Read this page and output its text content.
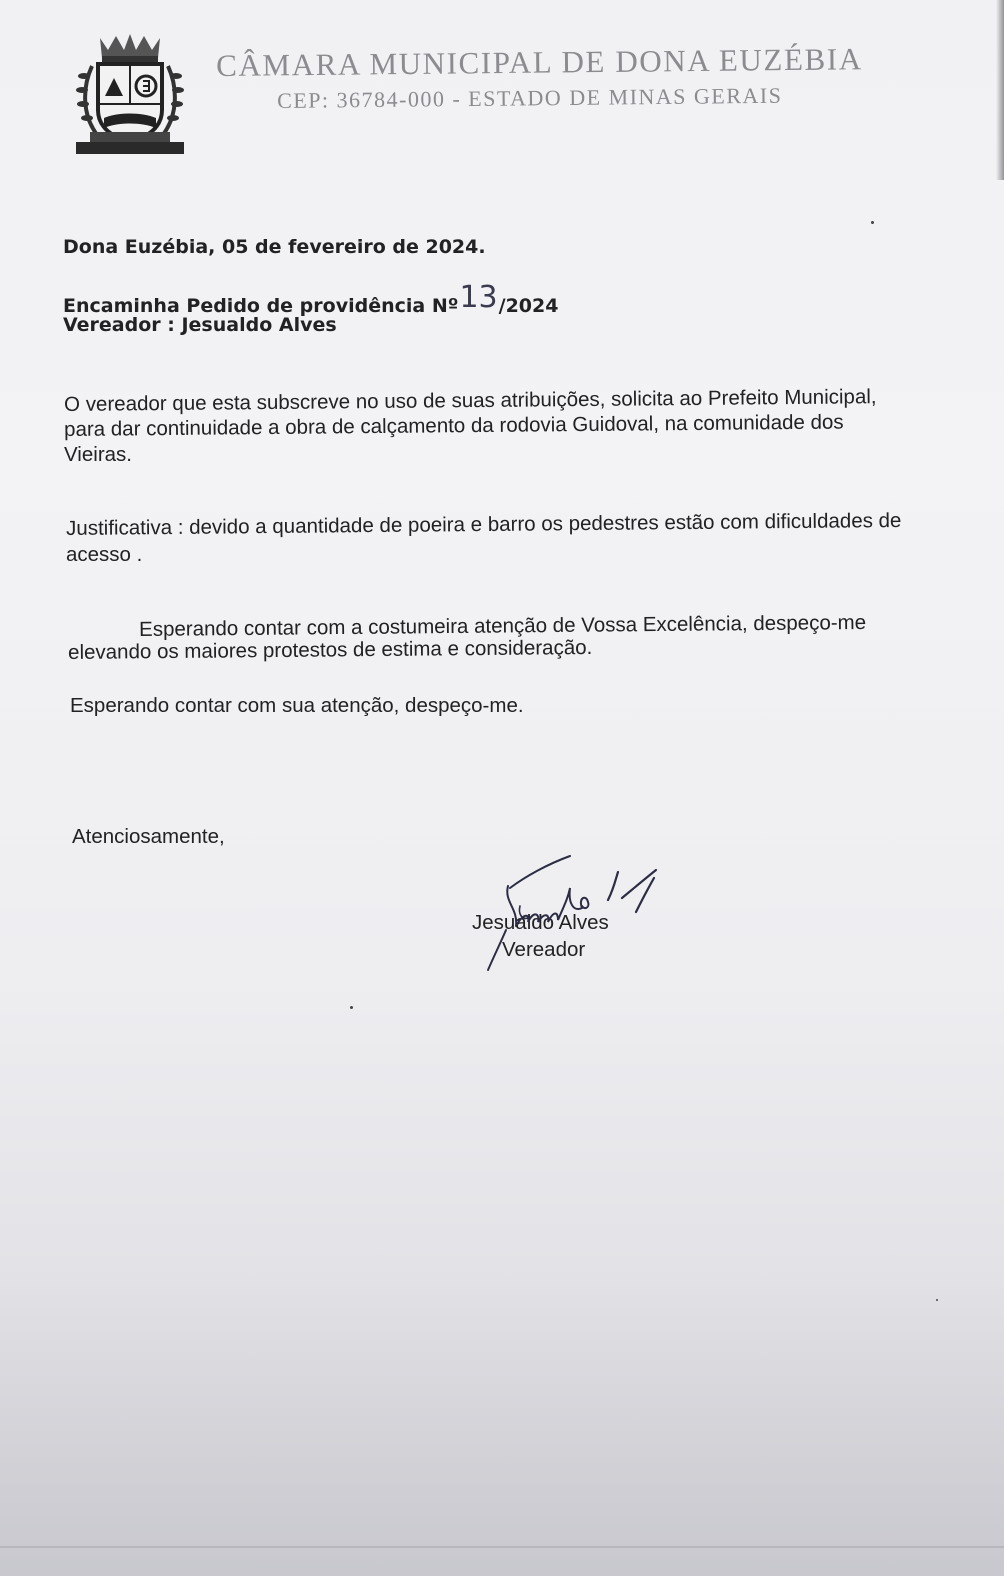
CÂMARA MUNICIPAL DE DONA EUZÉBIA
CEP: 36784-000 - ESTADO DE MINAS GERAIS
Dona Euzébia, 05 de fevereiro de 2024.
Encaminha Pedido de providência Nº13/2024
Vereador : Jesualdo Alves
O vereador que esta subscreve no uso de suas atribuições, solicita ao Prefeito Municipal,
para dar continuidade a obra de calçamento da rodovia Guidoval, na comunidade dos
Vieiras.
Justificativa : devido a quantidade de poeira e barro os pedestres estão com dificuldades de
acesso .
Esperando contar com a costumeira atenção de Vossa Excelência, despeço-me
elevando os maiores protestos de estima e consideração.
Esperando contar com sua atenção, despeço-me.
Atenciosamente,
Jesualdo Alves
Vereador
